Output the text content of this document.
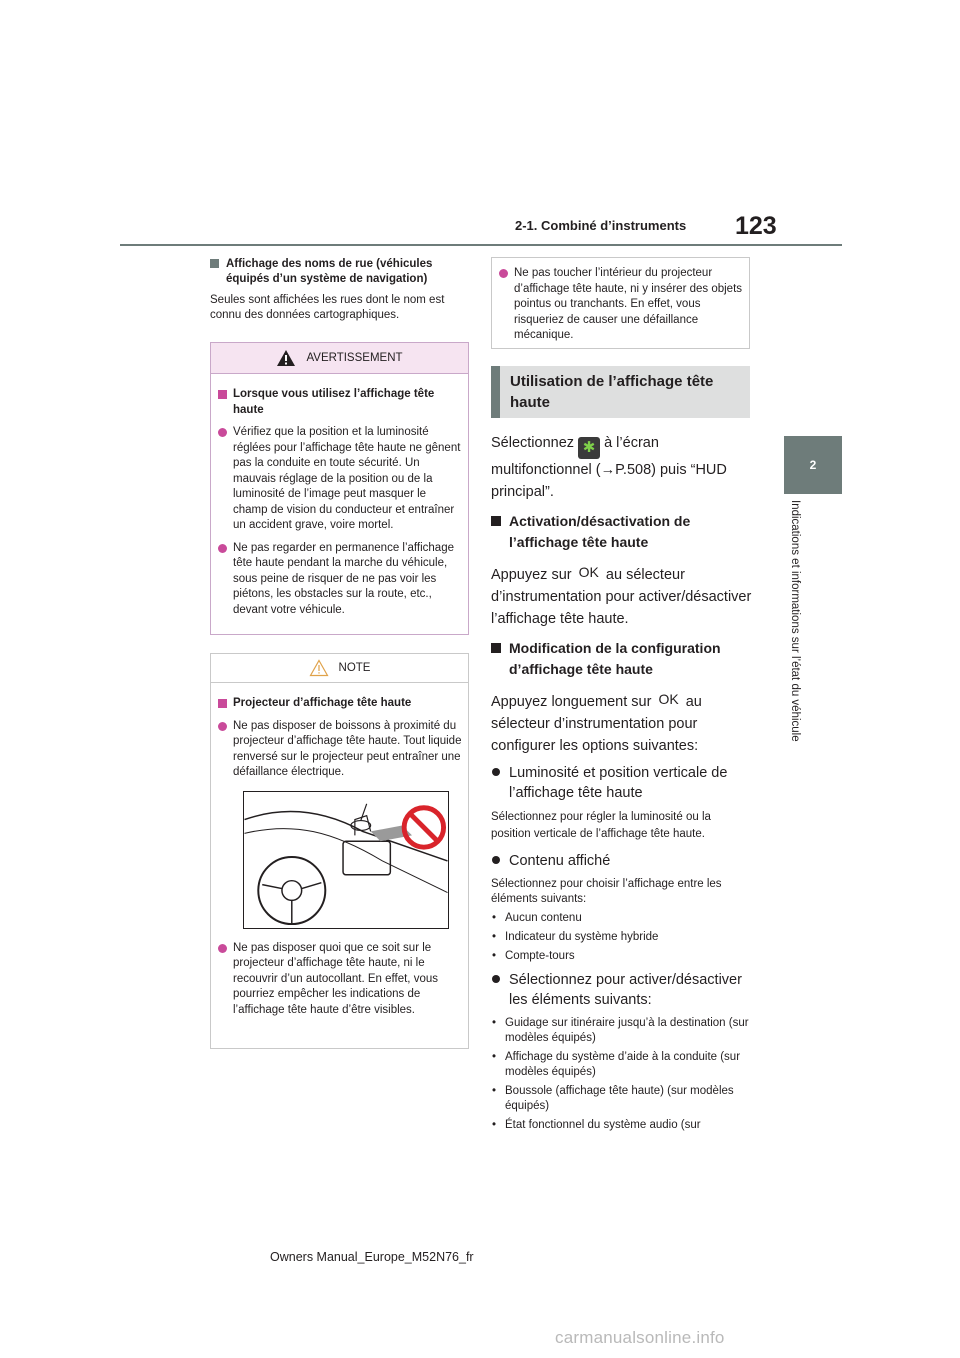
2-1. Combiné d’instruments 123
2
Indications et informations sur l’état du véhicule
Affichage des noms de rue (véhicules équipés d’un système de navigation)
Seules sont affichées les rues dont le nom est connu des données cartographiques.
AVERTISSEMENT
Lorsque vous utilisez l’affichage tête haute
Vérifiez que la position et la luminosité réglées pour l’affichage tête haute ne gênent pas la conduite en toute sécurité. Un mauvais réglage de la position ou de la luminosité de l’image peut masquer le champ de vision du conducteur et entraîner un accident grave, voire mortel.
Ne pas regarder en permanence l’affichage tête haute pendant la marche du véhicule, sous peine de risquer de ne pas voir les piétons, les obstacles sur la route, etc., devant votre véhicule.
NOTE
Projecteur d’affichage tête haute
Ne pas disposer de boissons à proximité du projecteur d’affichage tête haute. Tout liquide renversé sur le projecteur peut entraîner une défaillance électrique.
Ne pas disposer quoi que ce soit sur le projecteur d’affichage tête haute, ni le recouvrir d’un autocollant. En effet, vous pourriez empêcher les indications de l’affichage tête haute d’être visibles.
Ne pas toucher l’intérieur du projecteur d’affichage tête haute, ni y insérer des objets pointus ou tranchants. En effet, vous risqueriez de causer une défaillance mécanique.
Utilisation de l’affichage tête haute
Sélectionnez ✱ à l’écran multifonctionnel (→P.508) puis “HUD principal”.
Activation/désactivation de l’affichage tête haute
Appuyez sur OK au sélecteur d’instrumentation pour activer/désactiver l’affichage tête haute.
Modification de la configuration d’affichage tête haute
Appuyez longuement sur OK au sélecteur d’instrumentation pour configurer les options suivantes:
Luminosité et position verticale de l’affichage tête haute
Sélectionnez pour régler la luminosité ou la position verticale de l’affichage tête haute.
Contenu affiché
Sélectionnez pour choisir l’affichage entre les éléments suivants:
• Aucun contenu
• Indicateur du système hybride
• Compte-tours
Sélectionnez pour activer/désactiver les éléments suivants:
• Guidage sur itinéraire jusqu’à la destination (sur modèles équipés)
• Affichage du système d’aide à la conduite (sur modèles équipés)
• Boussole (affichage tête haute) (sur modèles équipés)
• État fonctionnel du système audio (sur
Owners Manual_Europe_M52N76_fr
carmanualsonline.info
